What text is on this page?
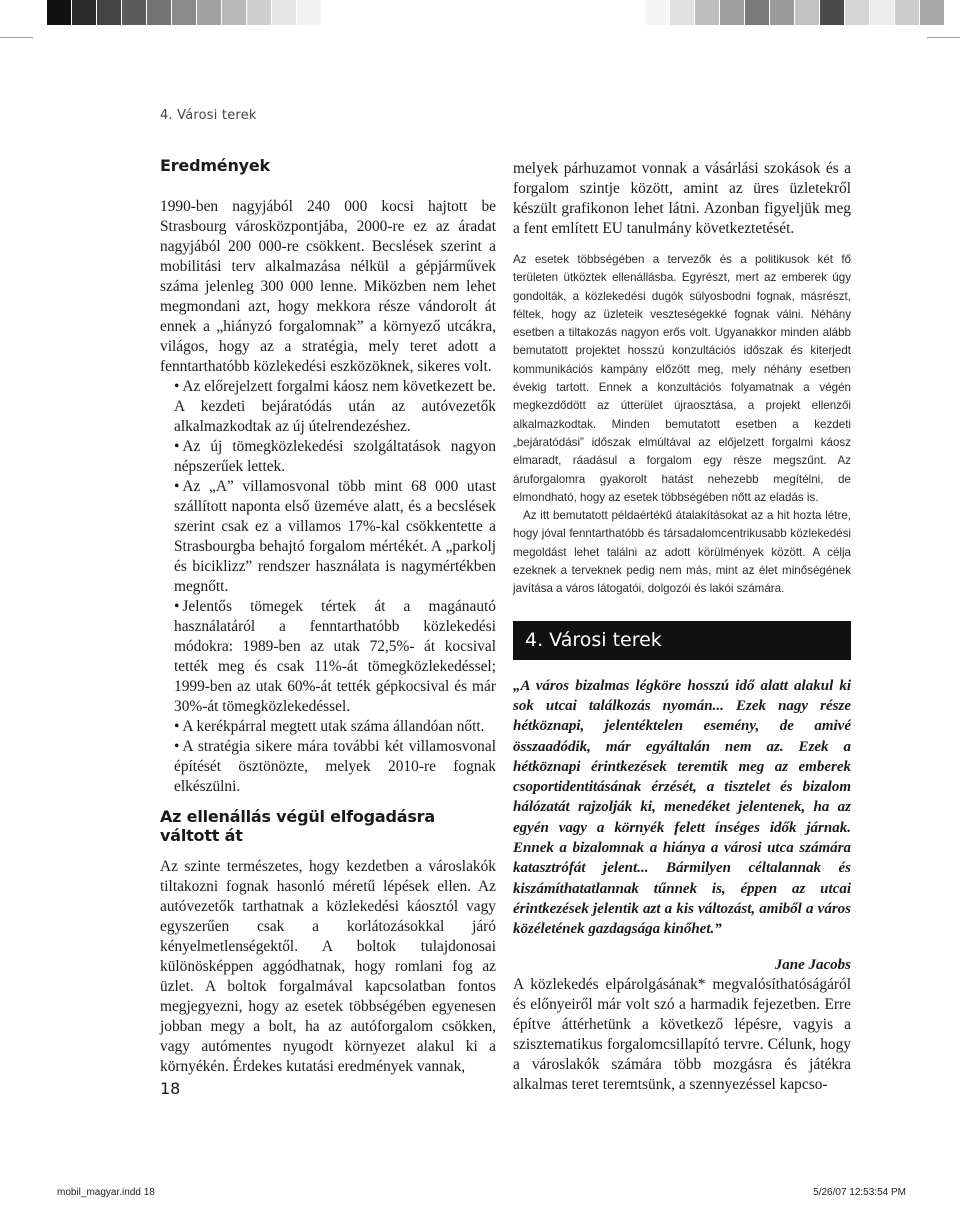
4. Városi terek
Eredmények

1990-ben nagyjából 240 000 kocsi hajtott be Strasbourg városközpontjába, 2000-re ez az áradat nagyjából 200 000-re csökkent. Becslések szerint a mobilitási terv alkalmazása nélkül a gépjárművek száma jelenleg 300 000 lenne. Miközben nem lehet megmondani azt, hogy mekkora része vándorolt át ennek a „hiányzó forgalomnak” a környező utcákra, világos, hogy az a stratégia, mely teret adott a fenntarthatóbb közlekedési eszközöknek, sikeres volt.

• Az előrejelzett forgalmi káosz nem következett be. A kezdeti bejáratódás után az autóvezetők alkalmazkodtak az új útelrendezéshez.
• Az új tömegközlekedési szolgáltatások nagyon népszerűek lettek.
• Az „A” villamosvonal több mint 68 000 utast szállított naponta első üzeméve alatt, és a becslések szerint csak ez a villamos 17%-kal csökkentette a Strasbourgba behajtó forgalom mértékét. A „parkolj és biciklizz” rendszer használata is nagymértékben megnőtt.
• Jelentős tömegek tértek át a magánautó használatáról a fenntarthatóbb közlekedési módokra: 1989-ben az utak 72,5%- át kocsival tették meg és csak 11%-át tömegközlekedéssel; 1999-ben az utak 60%-át tették gépkocsival és már 30%-át tömegközlekedéssel.
• A kerékpárral megtett utak száma állandóan nőtt.
• A stratégia sikere mára további két villamosvonal építését ösztönözte, melyek 2010-re fognak elkészülni.
Az ellenállás végül elfogadásra váltott át

Az szinte természetes, hogy kezdetben a városlakók tiltakozni fognak hasonló méretű lépések ellen. Az autóvezetők tarthatnak a közlekedési káosztól vagy egyszerűen csak a korlátozásokkal járó kényelmetlenségektől. A boltok tulajdonosai különösképpen aggódhatnak, hogy romlani fog az üzlet. A boltok forgalmával kapcsolatban fontos megjegyezni, hogy az esetek többségében egyenesen jobban megy a bolt, ha az autóforgalom csökken, vagy autómentes nyugodt környezet alakul ki a környékén. Érdekes kutatási eredmények vannak,

melyek párhuzamot vonnak a vásárlási szokások és a forgalom szintje között, amint az üres üzletekről készült grafikonon lehet látni. Azonban figyeljük meg a fent említett EU tanulmány következtetését.

Az esetek többségében a tervezők és a politikusok két fő területen ütköztek ellenállásba. Egyrészt, mert az emberek úgy gondolták, a közlekedési dugók súlyosbodni fognak, másrészt, féltek, hogy az üzleteik veszteségekké fognak válni. Néhány esetben a tiltakozás nagyon erős volt. Ugyanakkor minden alább bemutatott projektet hosszú konzultációs időszak és kiterjedt kommunikációs kampány előzött meg, mely néhány esetben évekig tartott. Ennek a konzultációs folyamatnak a végén megkezdődött az útterület újraosztása, a projekt ellenzői alkalmazkodtak. Minden bemutatott esetben a kezdeti „bejáratódási” időszak elmúltával az előjelzett forgalmi káosz elmaradt, ráadásul a forgalom egy része megszűnt. Az áruforgalomra gyakorolt hatást nehezebb megítélni, de elmondható, hogy az esetek többségében nőtt az eladás is.

Az itt bemutatott példaértékű átalakításokat az a hit hozta létre, hogy jóval fenntarthatóbb és társadalomcentrikusabb közlekedési megoldást lehet találni az adott körülmények között. A célja ezeknek a terveknek pedig nem más, mint az élet minőségének javítása a város látogatói, dolgozói és lakói számára.

4. Városi terek

„A város bizalmas légköre hosszú idő alatt alakul ki sok utcai találkozás nyomán... Ezek nagy része hétköznapi, jelentéktelen esemény, de amivé összaadódik, már egyáltalán nem az. Ezek a hétköznapi érintkezések teremtik meg az emberek csoportidentitásának érzését, a tisztelet és bizalom hálózatát rajzolják ki, menedéket jelentenek, ha az egyén vagy a környék felett ínséges idők járnak. Ennek a bizalomnak a hiánya a városi utca számára katasztrófát jelent... Bármilyen céltalannak és kiszámíthatatlannak tűnnek is, éppen az utcai érintkezések jelentik azt a kis változást, amiből a város közéletének gazdagsága kinőhet.”

Jane Jacobs

A közlekedés elpárolgásának* megvalósíthatóságáról és előnyeiről már volt szó a harmadik fejezetben. Erre építve áttérhetünk a következő lépésre, vagyis a szisztematikus forgalomcsillapító tervre. Célunk, hogy a városlakók számára több mozgásra és játékra alkalmas teret teremtsünk, a szennyezéssel kapcso-

18
mobil_magyar.indd 18	5/26/07 12:53:54 PM
